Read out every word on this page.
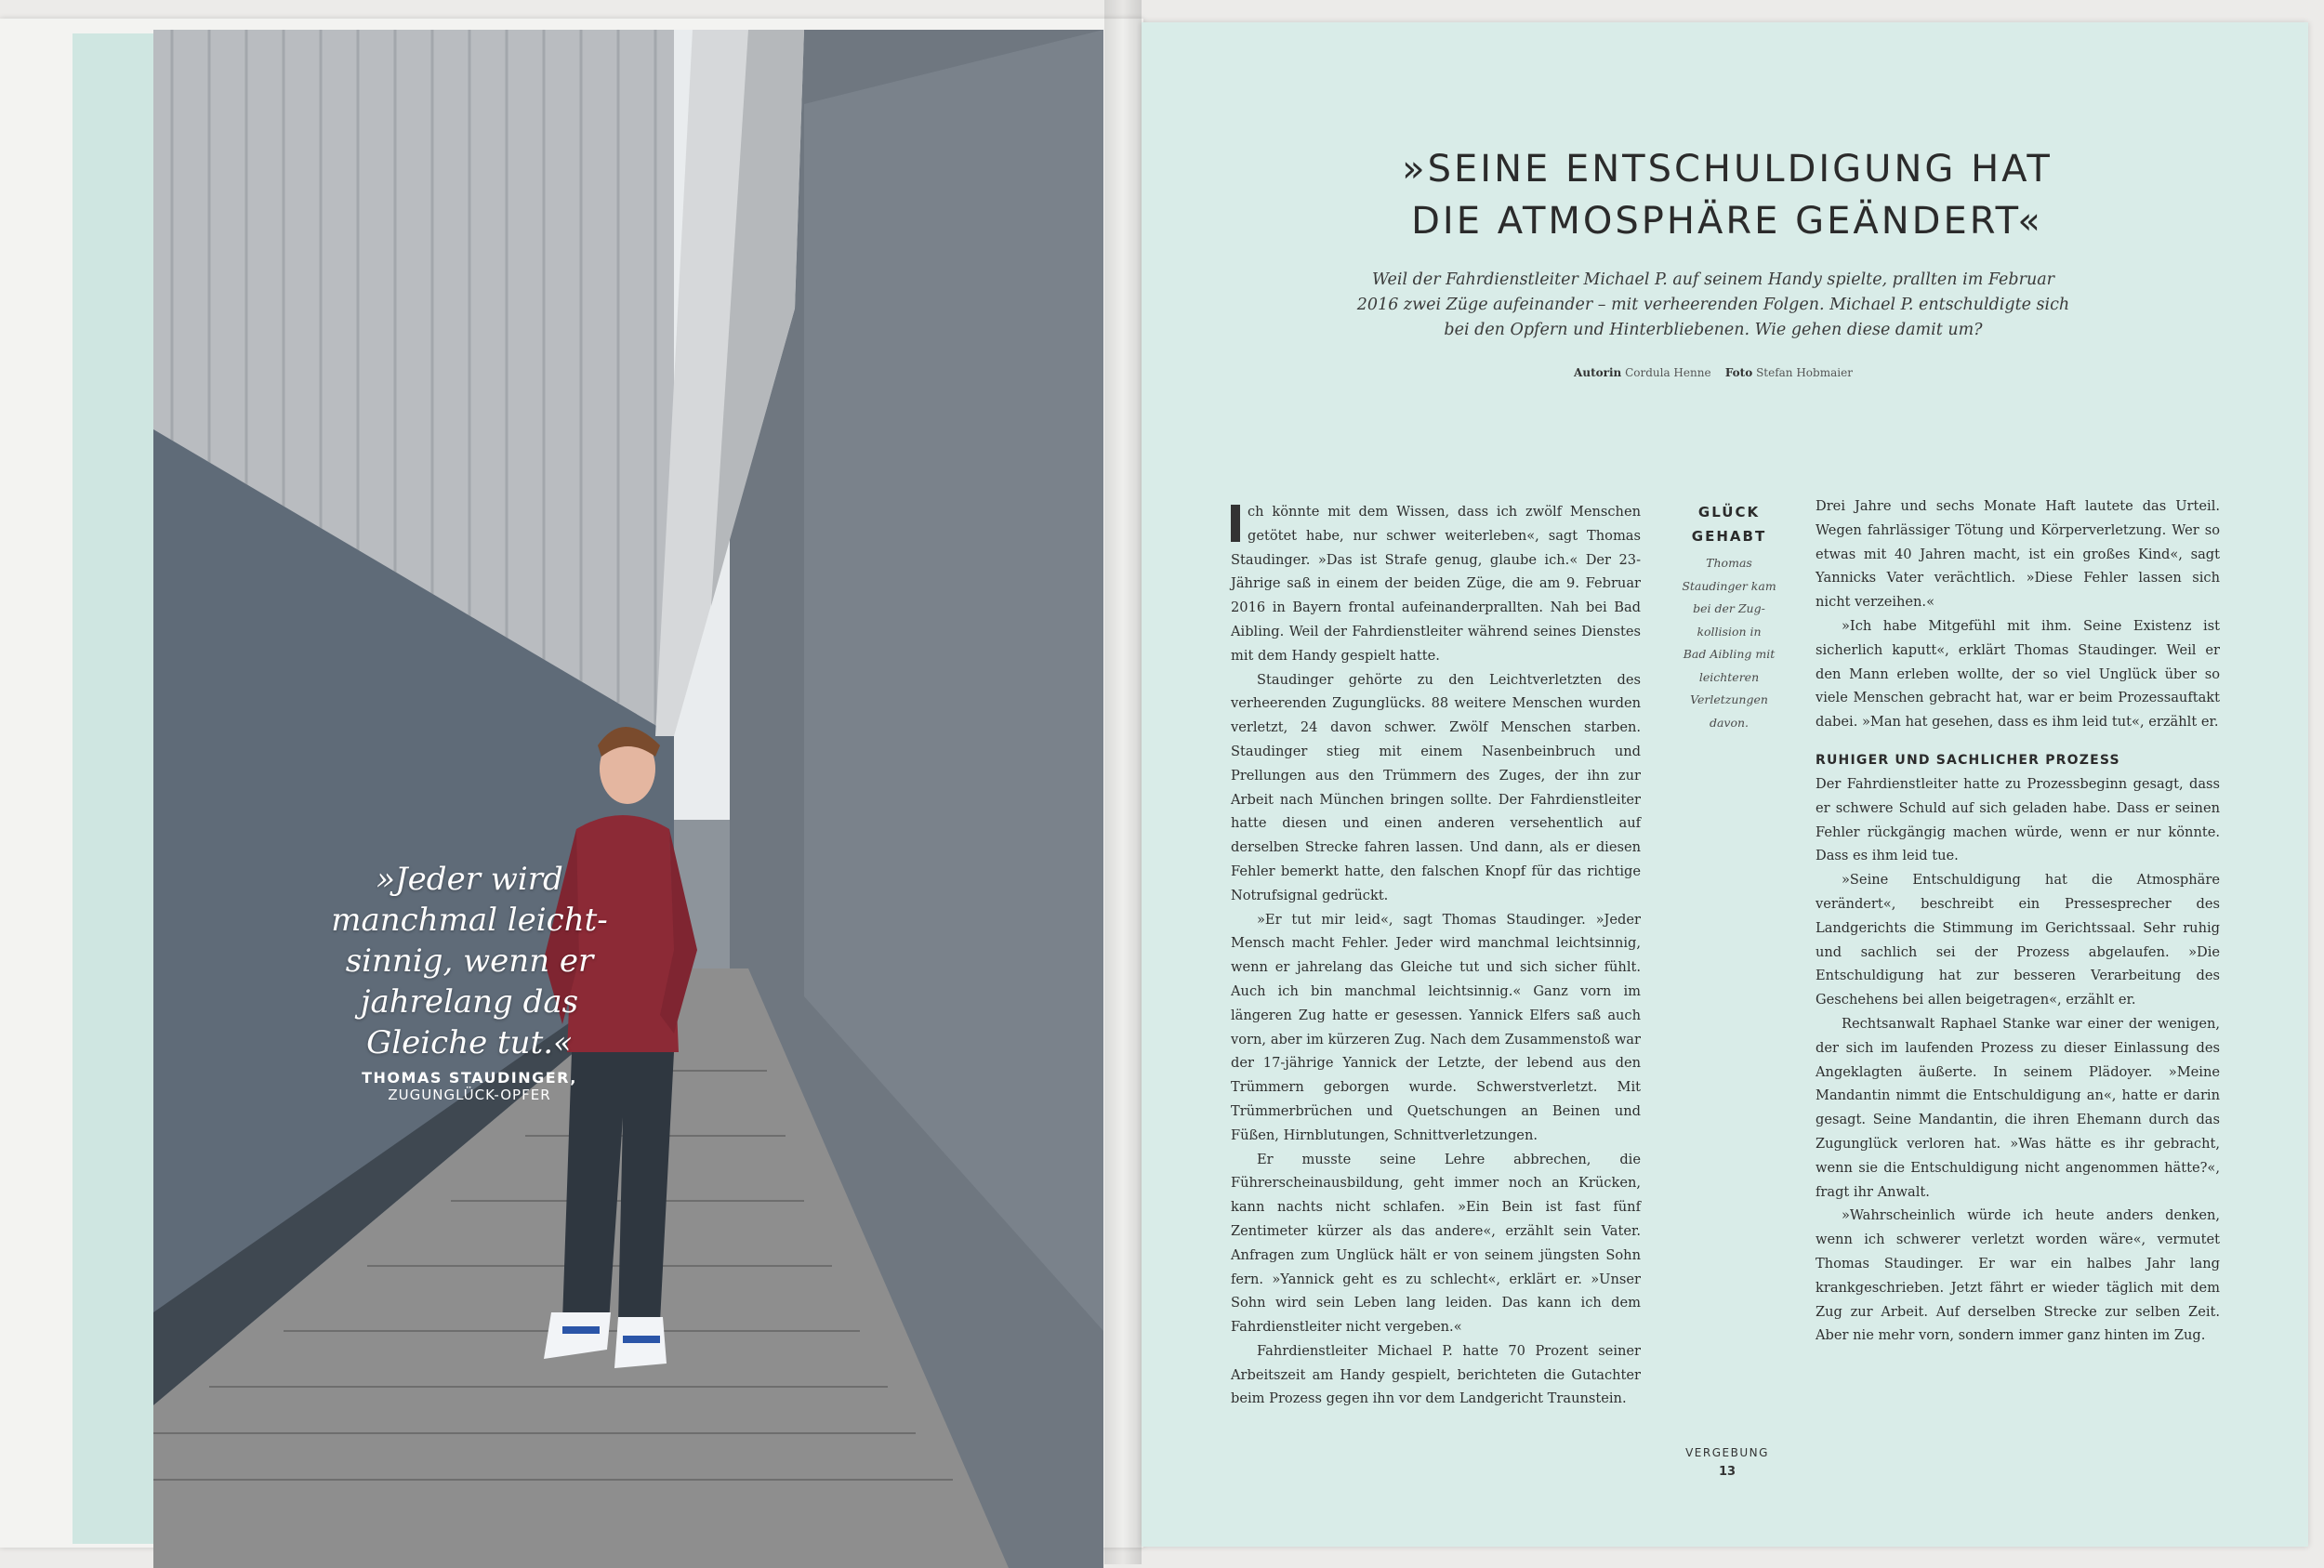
»Jeder wird
manchmal leicht-
sinnig, wenn er
jahrelang das
Gleiche tut.«
THOMAS STAUDINGER,
ZUGUNGLÜCK-OPFER
»SEINE ENTSCHULDIGUNG HAT
DIE ATMOSPHÄRE GEÄNDERT«
Weil der Fahrdienstleiter Michael P. auf seinem Handy spielte, prallten im Februar 2016 zwei Züge aufeinander – mit verheerenden Folgen. Michael P. entschuldigte sich bei den Opfern und Hinterbliebenen. Wie gehen diese damit um?
Autorin Cordula Henne Foto Stefan Hobmaier

ch könnte mit dem Wissen, dass ich zwölf Menschen getötet habe, nur schwer weiterleben«, sagt Thomas Staudinger. »Das ist Strafe genug, glaube ich.« Der 23-Jährige saß in einem der beiden Züge, die am 9. Februar 2016 in Bayern frontal aufeinanderprallten. Nah bei Bad Aibling. Weil der Fahrdienstleiter während seines Dienstes mit dem Handy gespielt hatte.

Staudinger gehörte zu den Leichtverletzten des verheerenden Zugunglücks. 88 weitere Menschen wurden verletzt, 24 davon schwer. Zwölf Menschen starben. Staudinger stieg mit einem Nasenbeinbruch und Prellungen aus den Trümmern des Zuges, der ihn zur Arbeit nach München bringen sollte. Der Fahrdienstleiter hatte diesen und einen anderen versehentlich auf derselben Strecke fahren lassen. Und dann, als er diesen Fehler bemerkt hatte, den falschen Knopf für das richtige Notrufsignal gedrückt.

»Er tut mir leid«, sagt Thomas Staudinger. »Jeder Mensch macht Fehler. Jeder wird manchmal leichtsinnig, wenn er jahrelang das Gleiche tut und sich sicher fühlt. Auch ich bin manchmal leichtsinnig.« Ganz vorn im längeren Zug hatte er gesessen. Yannick Elfers saß auch vorn, aber im kürzeren Zug. Nach dem Zusammenstoß war der 17-jährige Yannick der Letzte, der lebend aus den Trümmern geborgen wurde. Schwerstverletzt. Mit Trümmerbrüchen und Quetschungen an Beinen und Füßen, Hirnblutungen, Schnittverletzungen.

Er musste seine Lehre abbrechen, die Führerscheinausbildung, geht immer noch an Krücken, kann nachts nicht schlafen. »Ein Bein ist fast fünf Zentimeter kürzer als das andere«, erzählt sein Vater. Anfragen zum Unglück hält er von seinem jüngsten Sohn fern. »Yannick geht es zu schlecht«, erklärt er. »Unser Sohn wird sein Leben lang leiden. Das kann ich dem Fahrdienstleiter nicht vergeben.«

Fahrdienstleiter Michael P. hatte 70 Prozent seiner Arbeitszeit am Handy gespielt, berichteten die Gutachter beim Prozess gegen ihn vor dem Landgericht Traunstein.

GLÜCK
GEHABT
Thomas
Staudinger kam
bei der Zug-
kollision in
Bad Aibling mit
leichteren
Verletzungen
davon.

Drei Jahre und sechs Monate Haft lautete das Urteil. Wegen fahrlässiger Tötung und Körperverletzung. Wer so etwas mit 40 Jahren macht, ist ein großes Kind«, sagt Yannicks Vater verächtlich. »Diese Fehler lassen sich nicht verzeihen.«

»Ich habe Mitgefühl mit ihm. Seine Existenz ist sicherlich kaputt«, erklärt Thomas Staudinger. Weil er den Mann erleben wollte, der so viel Unglück über so viele Menschen gebracht hat, war er beim Prozessauftakt dabei. »Man hat gesehen, dass es ihm leid tut«, erzählt er.

RUHIGER UND SACHLICHER PROZESS

Der Fahrdienstleiter hatte zu Prozessbeginn gesagt, dass er schwere Schuld auf sich geladen habe. Dass er seinen Fehler rückgängig machen würde, wenn er nur könnte. Dass es ihm leid tue.

»Seine Entschuldigung hat die Atmosphäre verändert«, beschreibt ein Pressesprecher des Landgerichts die Stimmung im Gerichtssaal. Sehr ruhig und sachlich sei der Prozess abgelaufen. »Die Entschuldigung hat zur besseren Verarbeitung des Geschehens bei allen beigetragen«, erzählt er.

Rechtsanwalt Raphael Stanke war einer der wenigen, der sich im laufenden Prozess zu dieser Einlassung des Angeklagten äußerte. In seinem Plädoyer. »Meine Mandantin nimmt die Entschuldigung an«, hatte er darin gesagt. Seine Mandantin, die ihren Ehemann durch das Zugunglück verloren hat. »Was hätte es ihr gebracht, wenn sie die Entschuldigung nicht angenommen hätte?«, fragt ihr Anwalt.

»Wahrscheinlich würde ich heute anders denken, wenn ich schwerer verletzt worden wäre«, vermutet Thomas Staudinger. Er war ein halbes Jahr lang krankgeschrieben. Jetzt fährt er wieder täglich mit dem Zug zur Arbeit. Auf derselben Strecke zur selben Zeit. Aber nie mehr vorn, sondern immer ganz hinten im Zug.

VERGEBUNG
13
